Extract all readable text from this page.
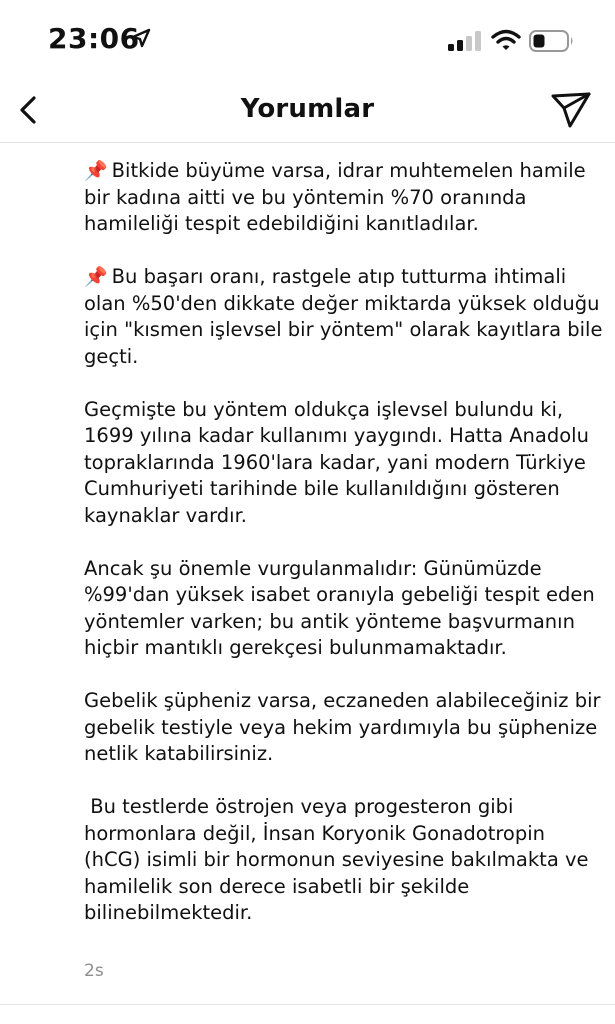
23:06
Yorumlar

📌 Bitkide büyüme varsa, idrar muhtemelen hamile bir kadına aitti ve bu yöntemin %70 oranında hamileliği tespit edebildiğini kanıtladılar.

📌 Bu başarı oranı, rastgele atıp tutturma ihtimali olan %50'den dikkate değer miktarda yüksek olduğu için "kısmen işlevsel bir yöntem" olarak kayıtlara bile geçti.

Geçmişte bu yöntem oldukça işlevsel bulundu ki, 1699 yılına kadar kullanımı yaygındı. Hatta Anadolu topraklarında 1960'lara kadar, yani modern Türkiye Cumhuriyeti tarihinde bile kullanıldığını gösteren kaynaklar vardır.

Ancak şu önemle vurgulanmalıdır: Günümüzde %99'dan yüksek isabet oranıyla gebeliği tespit eden yöntemler varken; bu antik yönteme başvurmanın hiçbir mantıklı gerekçesi bulunmamaktadır.

Gebelik şüpheniz varsa, eczaneden alabileceğiniz bir gebelik testiyle veya hekim yardımıyla bu şüphenize netlik katabilirsiniz.

Bu testlerde östrojen veya progesteron gibi hormonlara değil, İnsan Koryonik Gonadotropin (hCG) isimli bir hormonun seviyesine bakılmakta ve hamilelik son derece isabetli bir şekilde bilinebilmektedir.

2s
